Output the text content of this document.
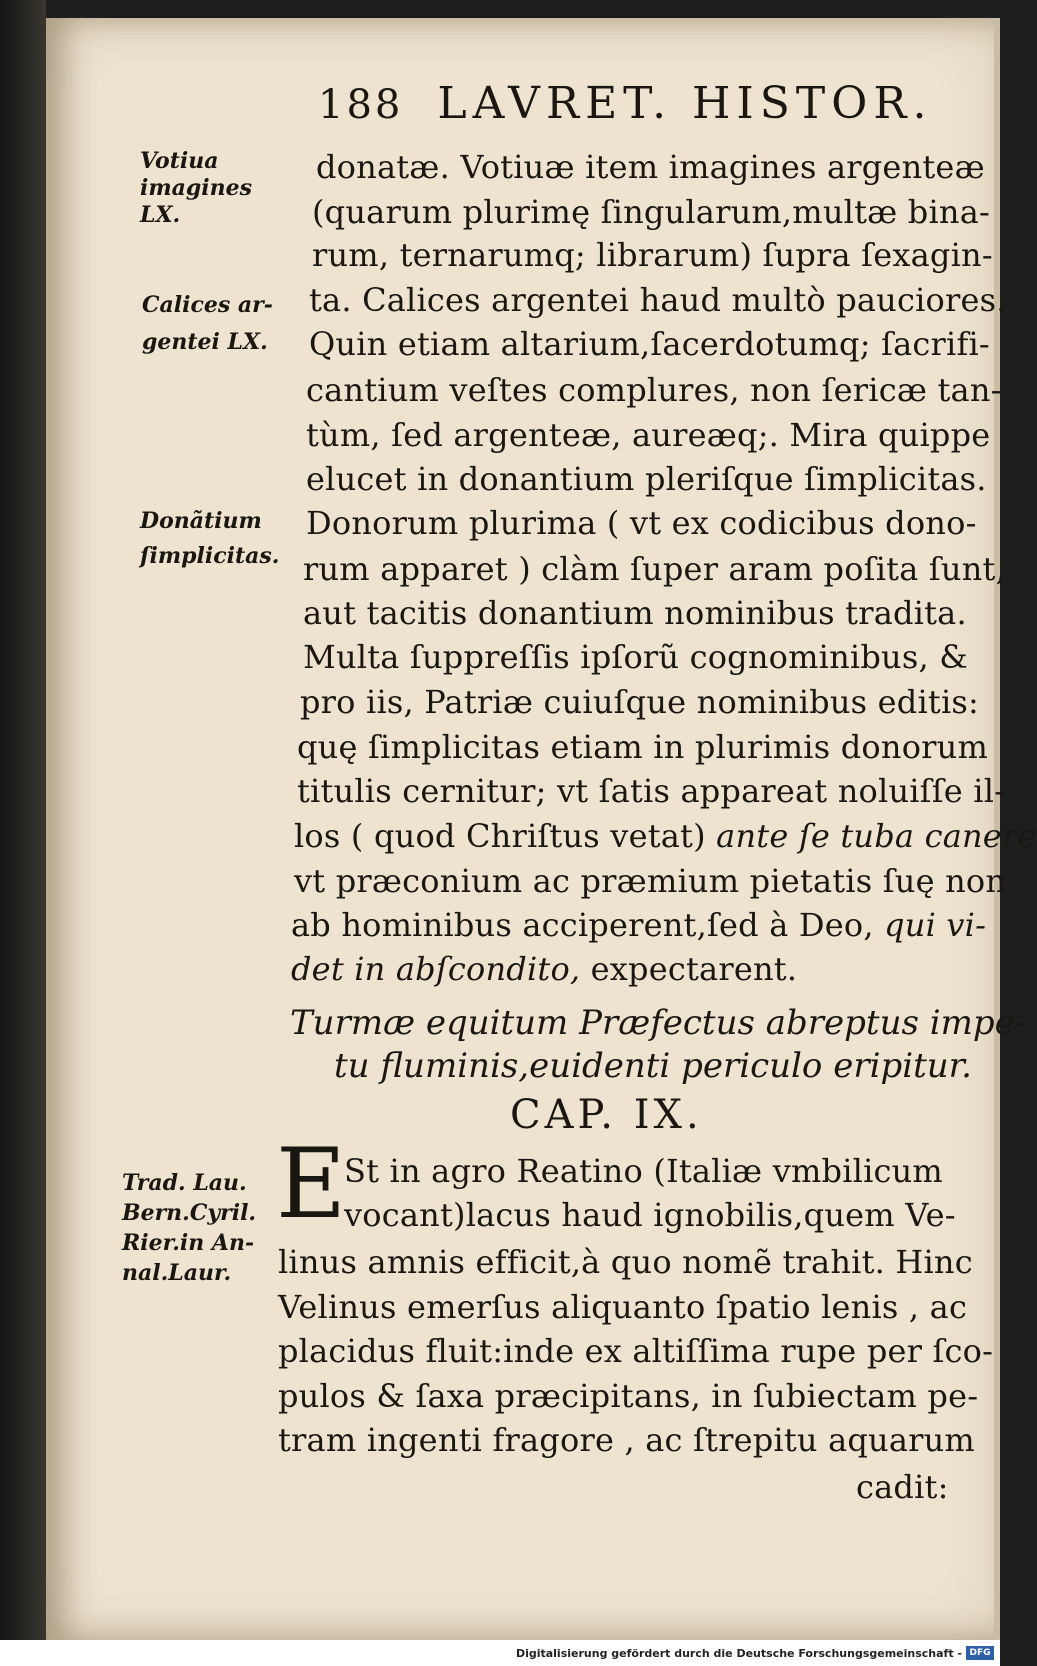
188 LAVRET. HISTOR.
Votiua
imagines
LX.
Calices ar-
gentei LX.
Donãtium
ſimplicitas.
Trad. Lau.
Bern.Cyril.
Rier.in An-
nal.Laur.
donatæ. Votiuæ item imagines argenteæ
(quarum plurimę ſingularum,multæ bina-
rum, ternarumq; librarum) ſupra ſexagin-
ta. Calices argentei haud multò pauciores.
Quin etiam altarium,ſacerdotumq; ſacrifi-
cantium veſtes complures, non ſericæ tan-
tùm, ſed argenteæ, aureæq;. Mira quippe
elucet in donantium pleriſque ſimplicitas.
Donorum plurima ( vt ex codicibus dono-
rum apparet ) clàm ſuper aram poſita ſunt,
aut tacitis donantium nominibus tradita.
Multa ſuppreſſis ipſorũ cognominibus, &
pro iis, Patriæ cuiuſque nominibus editis:
quę ſimplicitas etiam in plurimis donorum
titulis cernitur; vt ſatis appareat noluiſſe il-
los ( quod Chriſtus vetat) ante ſe tuba canere
vt præconium ac præmium pietatis ſuę non
ab hominibus acciperent,ſed à Deo, qui vi-
det in abſcondito, expectarent.
Turmæ equitum Præfectus abreptus impe-
tu fluminis,euidenti periculo eripitur.
CAP. IX.
E
St in agro Reatino (Italiæ vmbilicum
vocant)lacus haud ignobilis,quem Ve-
linus amnis efficit,à quo nomẽ trahit. Hinc
Velinus emerſus aliquanto ſpatio lenis , ac
placidus fluit:inde ex altiſſima rupe per ſco-
pulos & ſaxa præcipitans, in ſubiectam pe-
tram ingenti fragore , ac ſtrepitu aquarum
cadit:
Digitalisierung gefördert durch die Deutsche Forschungsgemeinschaft - DFG
